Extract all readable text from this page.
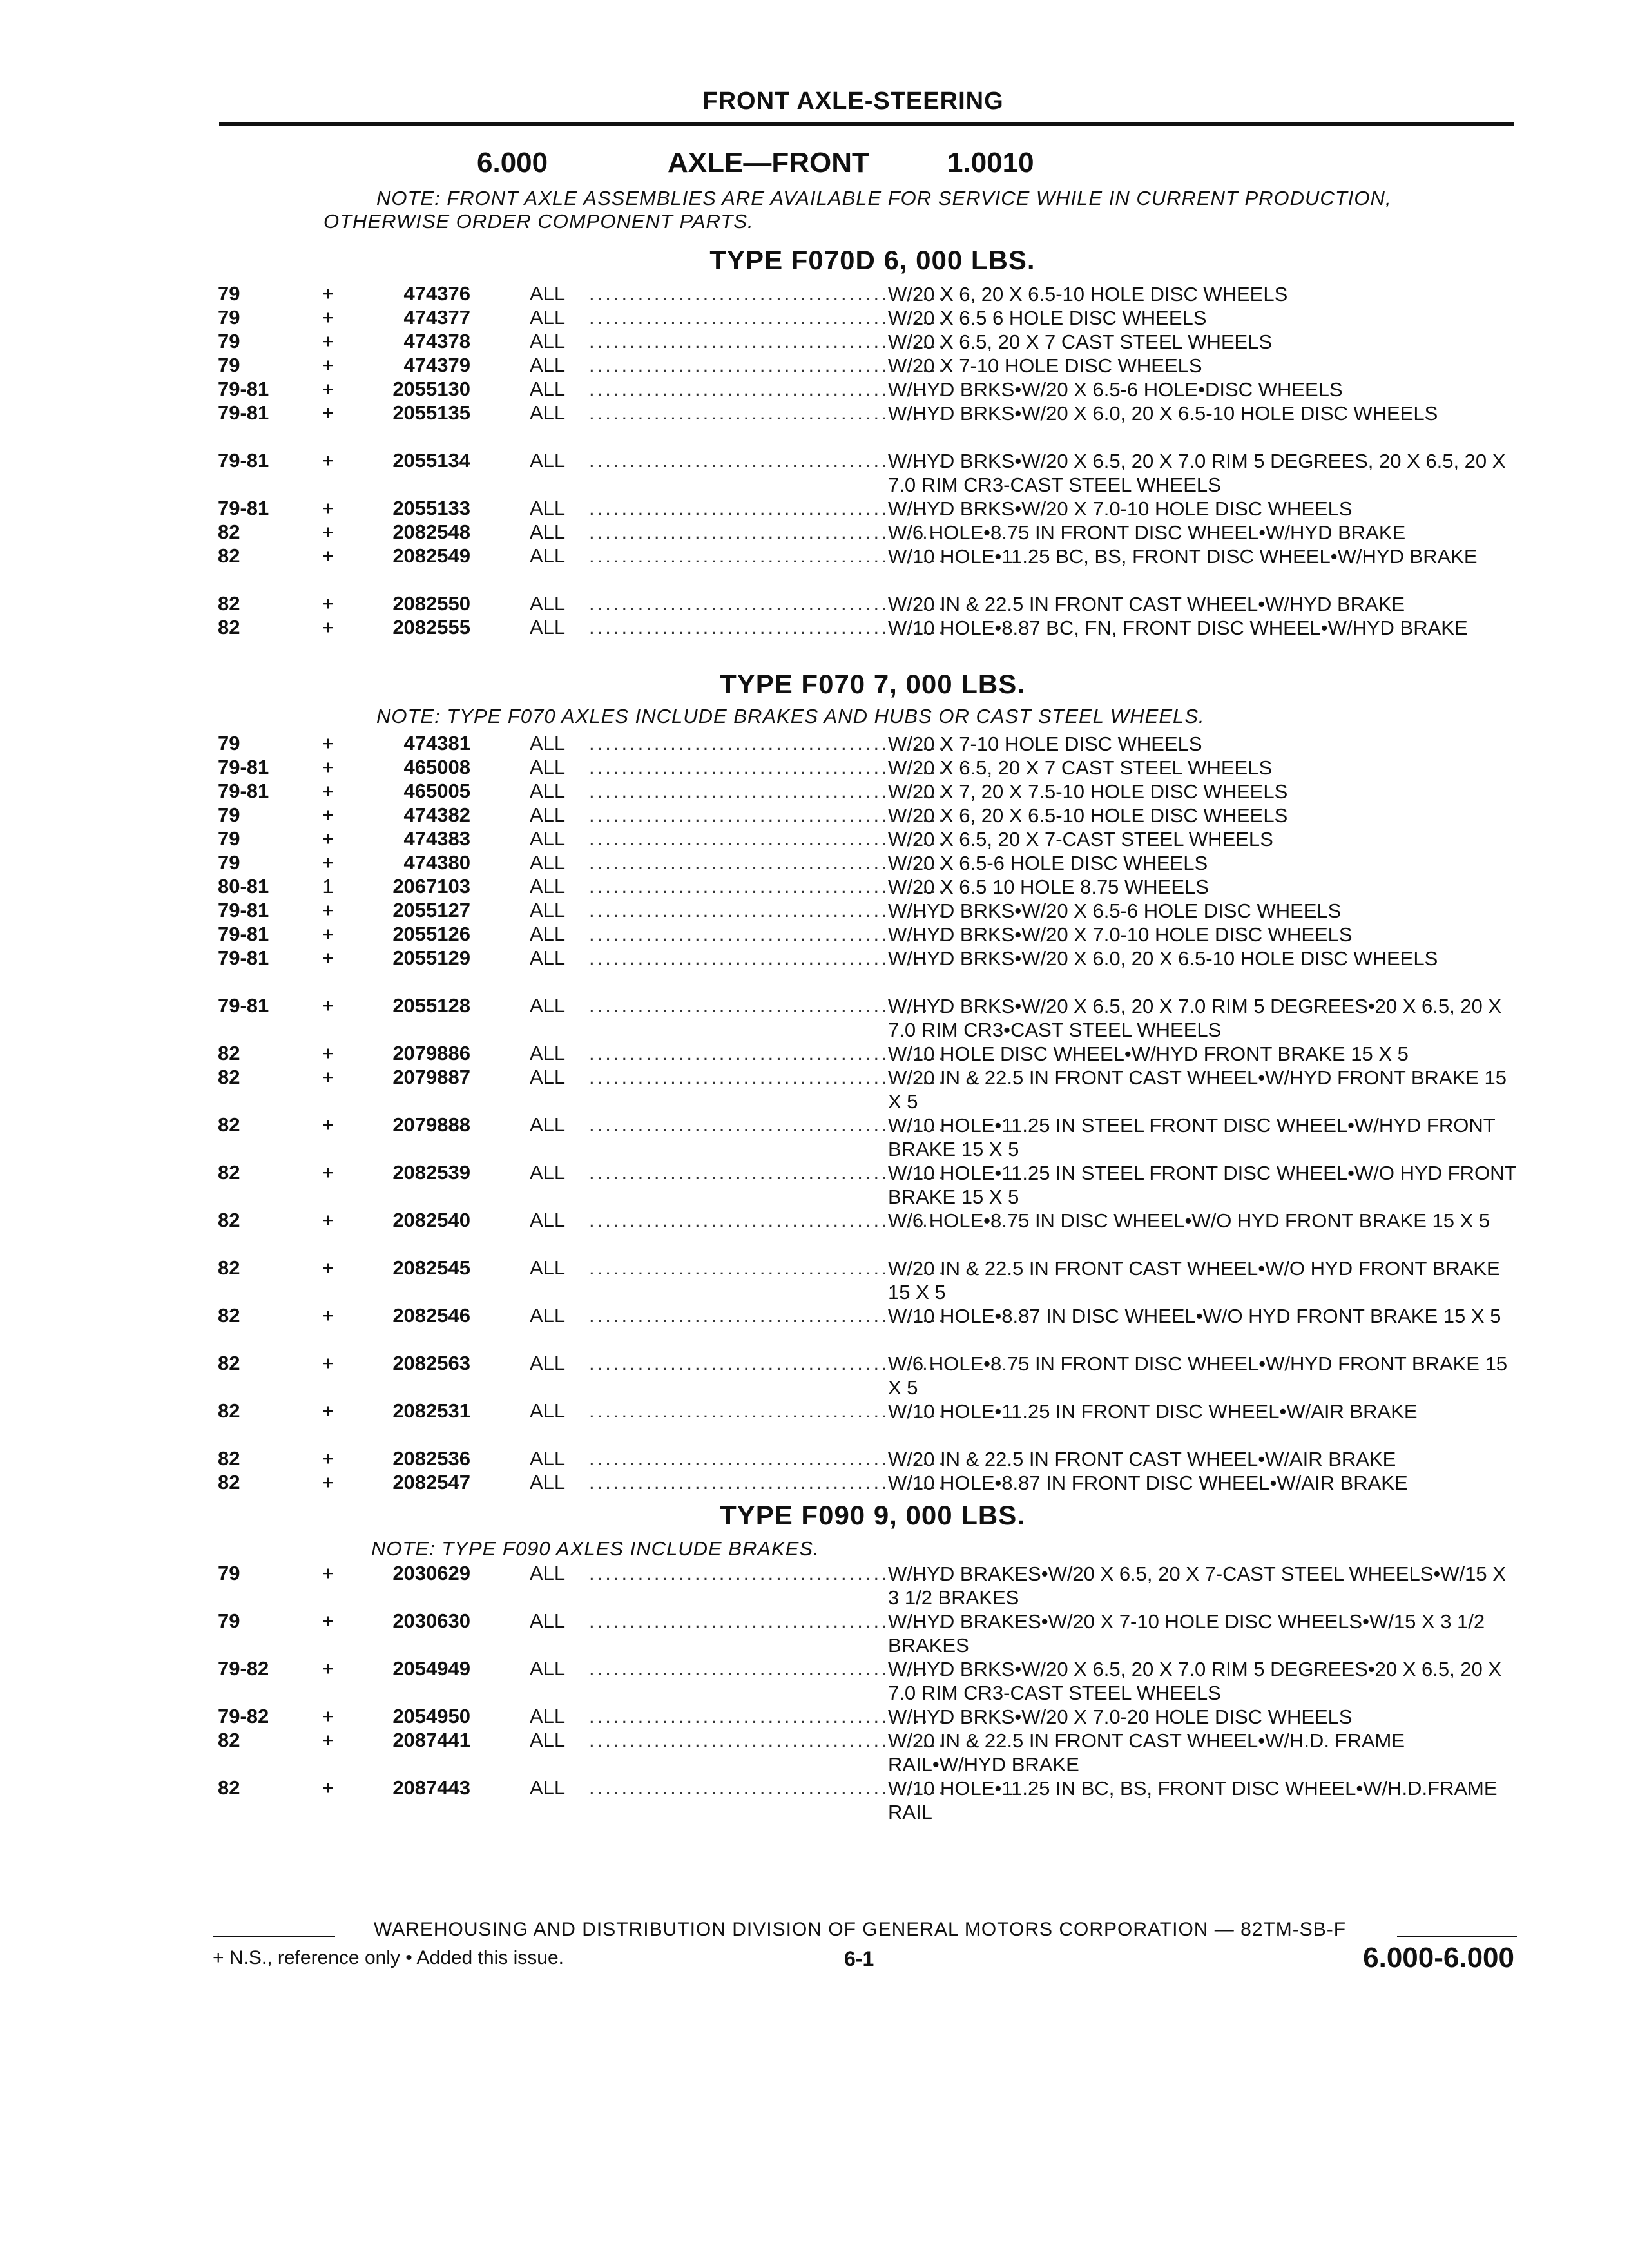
FRONT AXLE-STEERING
6.000	AXLE—FRONT	1.0010
NOTE: FRONT AXLE ASSEMBLIES ARE AVAILABLE FOR SERVICE WHILE IN CURRENT PRODUCTION,
OTHERWISE ORDER COMPONENT PARTS.
TYPE F070D 6, 000 LBS.
79	+	474376	ALL	W/20 X 6, 20 X 6.5-10 HOLE DISC WHEELS
............................................
79	+	474377	ALL	W/20 X 6.5 6 HOLE DISC WHEELS
............................................
79	+	474378	ALL	W/20 X 6.5, 20 X 7 CAST STEEL WHEELS
............................................
79	+	474379	ALL	W/20 X 7-10 HOLE DISC WHEELS
............................................
79-81	+	2055130	ALL	W/HYD BRKS•W/20 X 6.5-6 HOLE•DISC WHEELS
............................................
79-81	+	2055135	ALL	W/HYD BRKS•W/20 X 6.0, 20 X 6.5-10 HOLE DISC WHEELS
............................................
79-81	+	2055134	ALL	W/HYD BRKS•W/20 X 6.5, 20 X 7.0 RIM 5 DEGREES, 20 X 6.5, 20 X 7.0 RIM CR3-CAST STEEL WHEELS
............................................
79-81	+	2055133	ALL	W/HYD BRKS•W/20 X 7.0-10 HOLE DISC WHEELS
............................................
82	+	2082548	ALL	W/6 HOLE•8.75 IN FRONT DISC WHEEL•W/HYD BRAKE
............................................
82	+	2082549	ALL	W/10 HOLE•11.25 BC, BS, FRONT DISC WHEEL•W/HYD BRAKE
............................................
82	+	2082550	ALL	W/20 IN & 22.5 IN FRONT CAST WHEEL•W/HYD BRAKE
............................................
82	+	2082555	ALL	W/10 HOLE•8.87 BC, FN, FRONT DISC WHEEL•W/HYD BRAKE
............................................
TYPE F070 7, 000 LBS.
NOTE: TYPE F070 AXLES INCLUDE BRAKES AND HUBS OR CAST STEEL WHEELS.
79	+	474381	ALL	W/20 X 7-10 HOLE DISC WHEELS
............................................
79-81	+	465008	ALL	W/20 X 6.5, 20 X 7 CAST STEEL WHEELS
............................................
79-81	+	465005	ALL	W/20 X 7, 20 X 7.5-10 HOLE DISC WHEELS
............................................
79	+	474382	ALL	W/20 X 6, 20 X 6.5-10 HOLE DISC WHEELS
............................................
79	+	474383	ALL	W/20 X 6.5, 20 X 7-CAST STEEL WHEELS
............................................
79	+	474380	ALL	W/20 X 6.5-6 HOLE DISC WHEELS
............................................
80-81	1	2067103	ALL	W/20 X 6.5 10 HOLE 8.75 WHEELS
............................................
79-81	+	2055127	ALL	W/HYD BRKS•W/20 X 6.5-6 HOLE DISC WHEELS
............................................
79-81	+	2055126	ALL	W/HYD BRKS•W/20 X 7.0-10 HOLE DISC WHEELS
............................................
79-81	+	2055129	ALL	W/HYD BRKS•W/20 X 6.0, 20 X 6.5-10 HOLE DISC WHEELS
............................................
79-81	+	2055128	ALL	W/HYD BRKS•W/20 X 6.5, 20 X 7.0 RIM 5 DEGREES•20 X 6.5, 20 X 7.0 RIM CR3•CAST STEEL WHEELS
............................................
82	+	2079886	ALL	W/10 HOLE DISC WHEEL•W/HYD FRONT BRAKE 15 X 5
............................................
82	+	2079887	ALL	W/20 IN & 22.5 IN FRONT CAST WHEEL•W/HYD FRONT BRAKE 15 X 5
............................................
82	+	2079888	ALL	W/10 HOLE•11.25 IN STEEL FRONT DISC WHEEL•W/HYD FRONT BRAKE 15 X 5
............................................
82	+	2082539	ALL	W/10 HOLE•11.25 IN STEEL FRONT DISC WHEEL•W/O HYD FRONT BRAKE 15 X 5
............................................
82	+	2082540	ALL	W/6 HOLE•8.75 IN DISC WHEEL•W/O HYD FRONT BRAKE 15 X 5
............................................
82	+	2082545	ALL	W/20 IN & 22.5 IN FRONT CAST WHEEL•W/O HYD FRONT BRAKE 15 X 5
............................................
82	+	2082546	ALL	W/10 HOLE•8.87 IN DISC WHEEL•W/O HYD FRONT BRAKE 15 X 5
............................................
82	+	2082563	ALL	W/6 HOLE•8.75 IN FRONT DISC WHEEL•W/HYD FRONT BRAKE 15 X 5
............................................
82	+	2082531	ALL	W/10 HOLE•11.25 IN FRONT DISC WHEEL•W/AIR BRAKE
............................................
82	+	2082536	ALL	W/20 IN & 22.5 IN FRONT CAST WHEEL•W/AIR BRAKE
............................................
82	+	2082547	ALL	W/10 HOLE•8.87 IN FRONT DISC WHEEL•W/AIR BRAKE
............................................
TYPE F090 9, 000 LBS.
NOTE: TYPE F090 AXLES INCLUDE BRAKES.
79	+	2030629	ALL	W/HYD BRAKES•W/20 X 6.5, 20 X 7-CAST STEEL WHEELS•W/15 X 3 1/2 BRAKES
............................................
79	+	2030630	ALL	W/HYD BRAKES•W/20 X 7-10 HOLE DISC WHEELS•W/15 X 3 1/2 BRAKES
............................................
79-82	+	2054949	ALL	W/HYD BRKS•W/20 X 6.5, 20 X 7.0 RIM 5 DEGREES•20 X 6.5, 20 X 7.0 RIM CR3-CAST STEEL WHEELS
............................................
79-82	+	2054950	ALL	W/HYD BRKS•W/20 X 7.0-20 HOLE DISC WHEELS
............................................
82	+	2087441	ALL	W/20 IN & 22.5 IN FRONT CAST WHEEL•W/H.D. FRAME RAIL•W/HYD BRAKE
............................................
82	+	2087443	ALL	W/10 HOLE•11.25 IN BC, BS, FRONT DISC WHEEL•W/H.D.FRAME RAIL
............................................
WAREHOUSING AND DISTRIBUTION DIVISION OF GENERAL MOTORS CORPORATION — 82TM-SB-F
+ N.S., reference only • Added this issue.	6-1	6.000-6.000
